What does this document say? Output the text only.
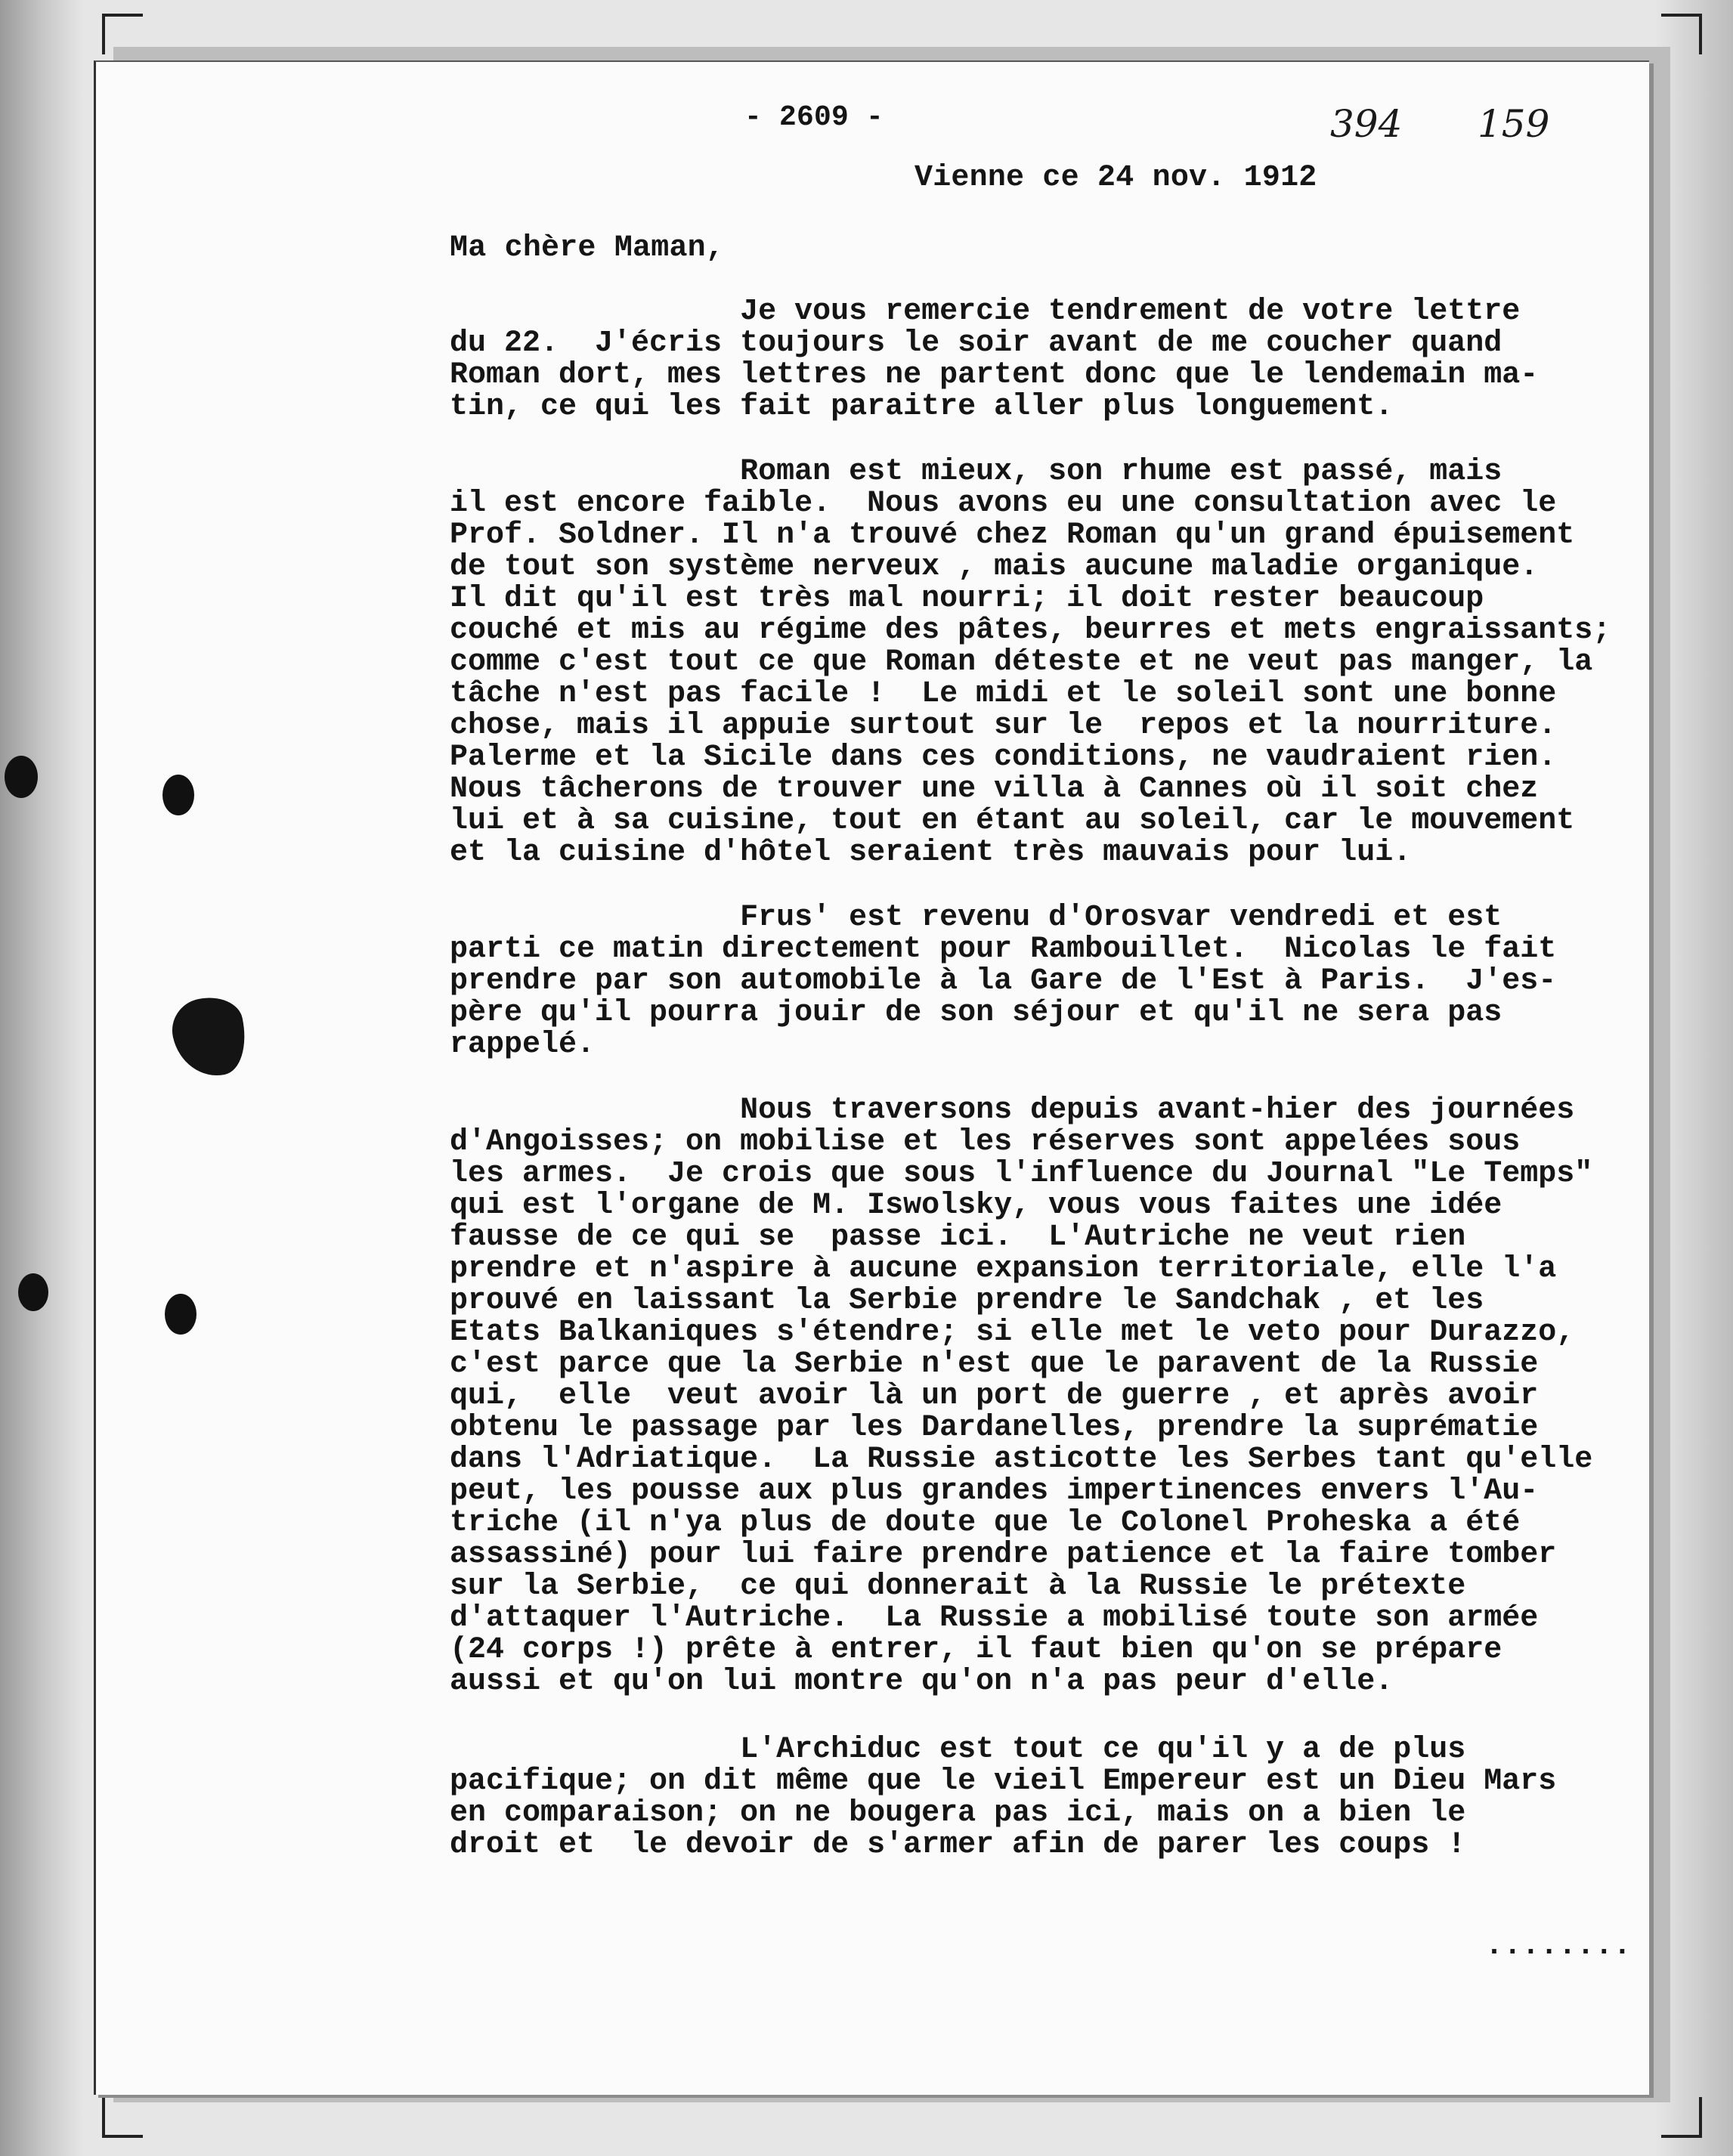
- 2609 -	394 159
Vienne ce 24 nov. 1912
Ma chère Maman,
Je vous remercie tendrement de votre lettre
du 22.  J'écris toujours le soir avant de me coucher quand
Roman dort, mes lettres ne partent donc que le lendemain ma-
tin, ce qui les fait paraitre aller plus longuement.
Roman est mieux, son rhume est passé, mais
il est encore faible.  Nous avons eu une consultation avec le
Prof. Soldner. Il n'a trouvé chez Roman qu'un grand épuisement
de tout son système nerveux , mais aucune maladie organique.
Il dit qu'il est très mal nourri; il doit rester beaucoup
couché et mis au régime des pâtes, beurres et mets engraissants;
comme c'est tout ce que Roman déteste et ne veut pas manger, la
tâche n'est pas facile !  Le midi et le soleil sont une bonne
chose, mais il appuie surtout sur le  repos et la nourriture.
Palerme et la Sicile dans ces conditions, ne vaudraient rien.
Nous tâcherons de trouver une villa à Cannes où il soit chez
lui et à sa cuisine, tout en étant au soleil, car le mouvement
et la cuisine d'hôtel seraient très mauvais pour lui.
Frus' est revenu d'Orosvar vendredi et est
parti ce matin directement pour Rambouillet.  Nicolas le fait
prendre par son automobile à la Gare de l'Est à Paris.  J'es-
père qu'il pourra jouir de son séjour et qu'il ne sera pas
rappelé.
Nous traversons depuis avant-hier des journées
d'Angoisses; on mobilise et les réserves sont appelées sous
les armes.  Je crois que sous l'influence du Journal "Le Temps"
qui est l'organe de M. Iswolsky, vous vous faites une idée
fausse de ce qui se  passe ici.  L'Autriche ne veut rien
prendre et n'aspire à aucune expansion territoriale, elle l'a
prouvé en laissant la Serbie prendre le Sandchak , et les
Etats Balkaniques s'étendre; si elle met le veto pour Durazzo,
c'est parce que la Serbie n'est que le paravent de la Russie
qui,  elle  veut avoir là un port de guerre , et après avoir
obtenu le passage par les Dardanelles, prendre la suprématie
dans l'Adriatique.  La Russie asticotte les Serbes tant qu'elle
peut, les pousse aux plus grandes impertinences envers l'Au-
triche (il n'ya plus de doute que le Colonel Proheska a été
assassiné) pour lui faire prendre patience et la faire tomber
sur la Serbie,  ce qui donnerait à la Russie le prétexte
d'attaquer l'Autriche.  La Russie a mobilisé toute son armée
(24 corps !) prête à entrer, il faut bien qu'on se prépare
aussi et qu'on lui montre qu'on n'a pas peur d'elle.
L'Archiduc est tout ce qu'il y a de plus
pacifique; on dit même que le vieil Empereur est un Dieu Mars
en comparaison; on ne bougera pas ici, mais on a bien le
droit et  le devoir de s'armer afin de parer les coups !
........
